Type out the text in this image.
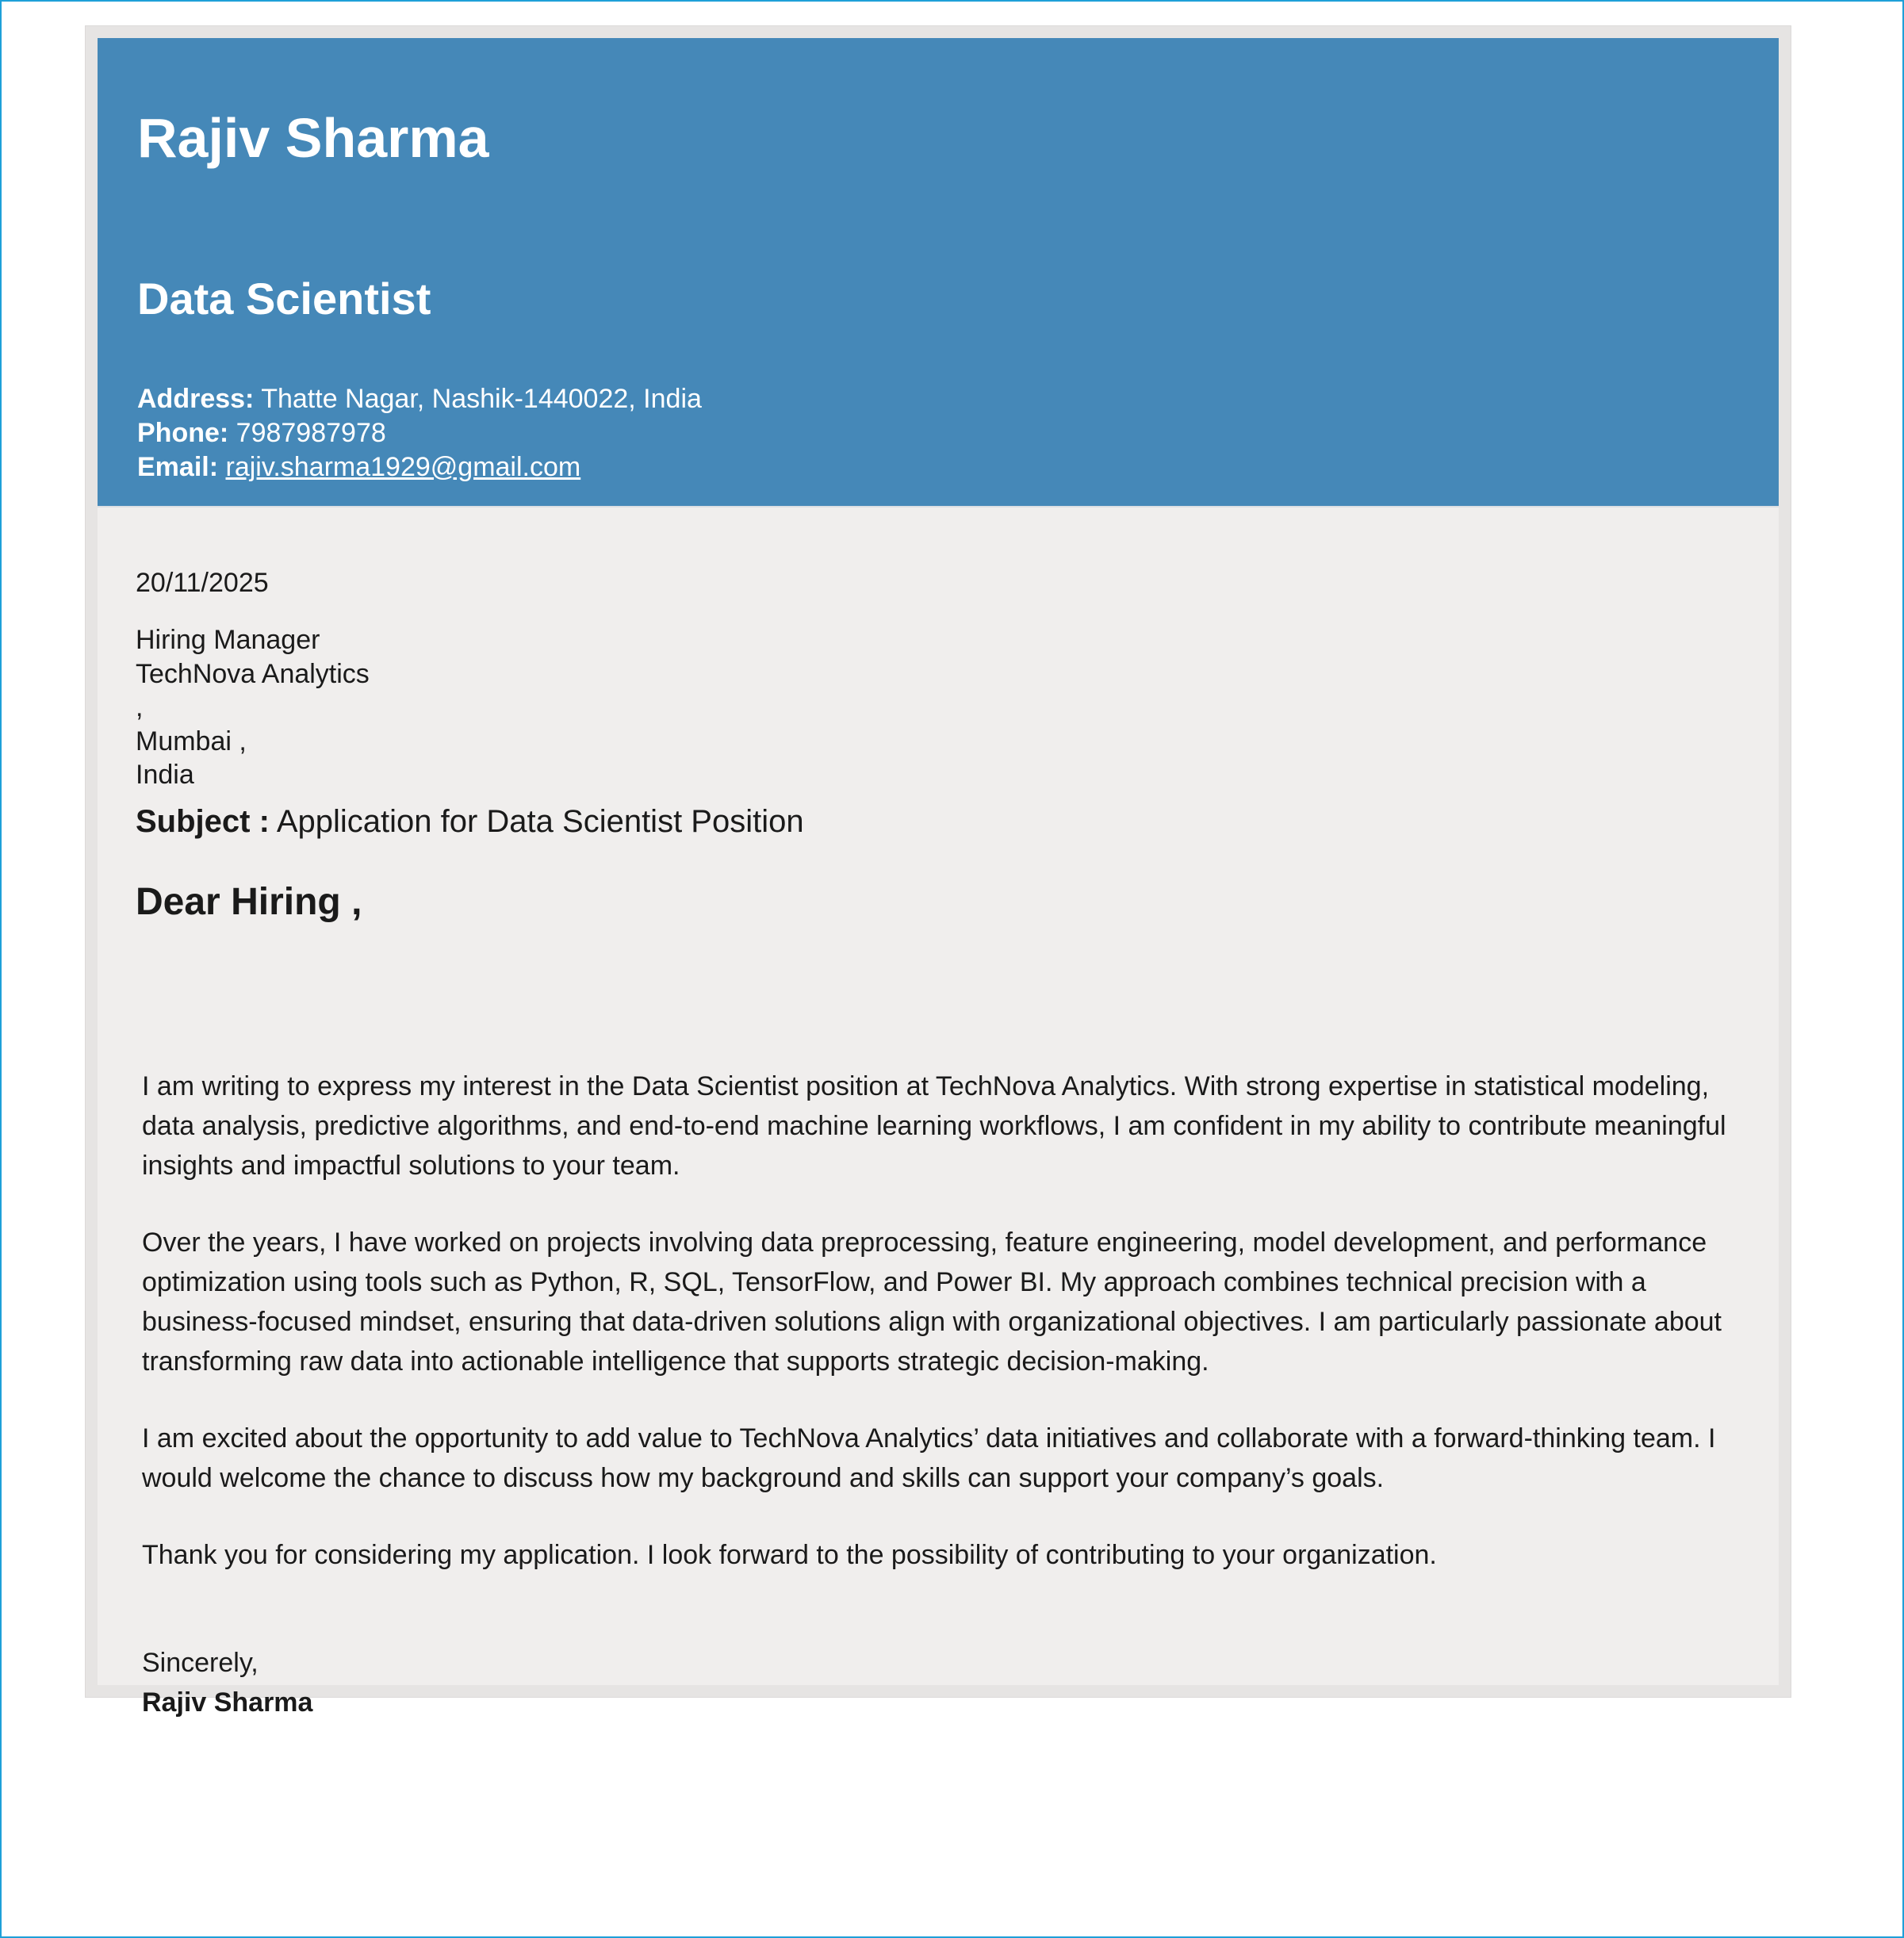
Rajiv Sharma
Data Scientist
Address: Thatte Nagar, Nashik-1440022, India
Phone: 7987987978
Email: rajiv.sharma1929@gmail.com
20/11/2025
Hiring Manager
TechNova Analytics
,
Mumbai ,
India
Subject : Application for Data Scientist Position
Dear Hiring ,

I am writing to express my interest in the Data Scientist position at TechNova Analytics. With strong expertise in statistical modeling, data analysis, predictive algorithms, and end-to-end machine learning workflows, I am confident in my ability to contribute meaningful insights and impactful solutions to your team.

Over the years, I have worked on projects involving data preprocessing, feature engineering, model development, and performance optimization using tools such as Python, R, SQL, TensorFlow, and Power BI. My approach combines technical precision with a business-focused mindset, ensuring that data-driven solutions align with organizational objectives. I am particularly passionate about transforming raw data into actionable intelligence that supports strategic decision-making.

I am excited about the opportunity to add value to TechNova Analytics’ data initiatives and collaborate with a forward-thinking team. I would welcome the chance to discuss how my background and skills can support your company’s goals.

Thank you for considering my application. I look forward to the possibility of contributing to your organization.

Sincerely,
Rajiv Sharma
